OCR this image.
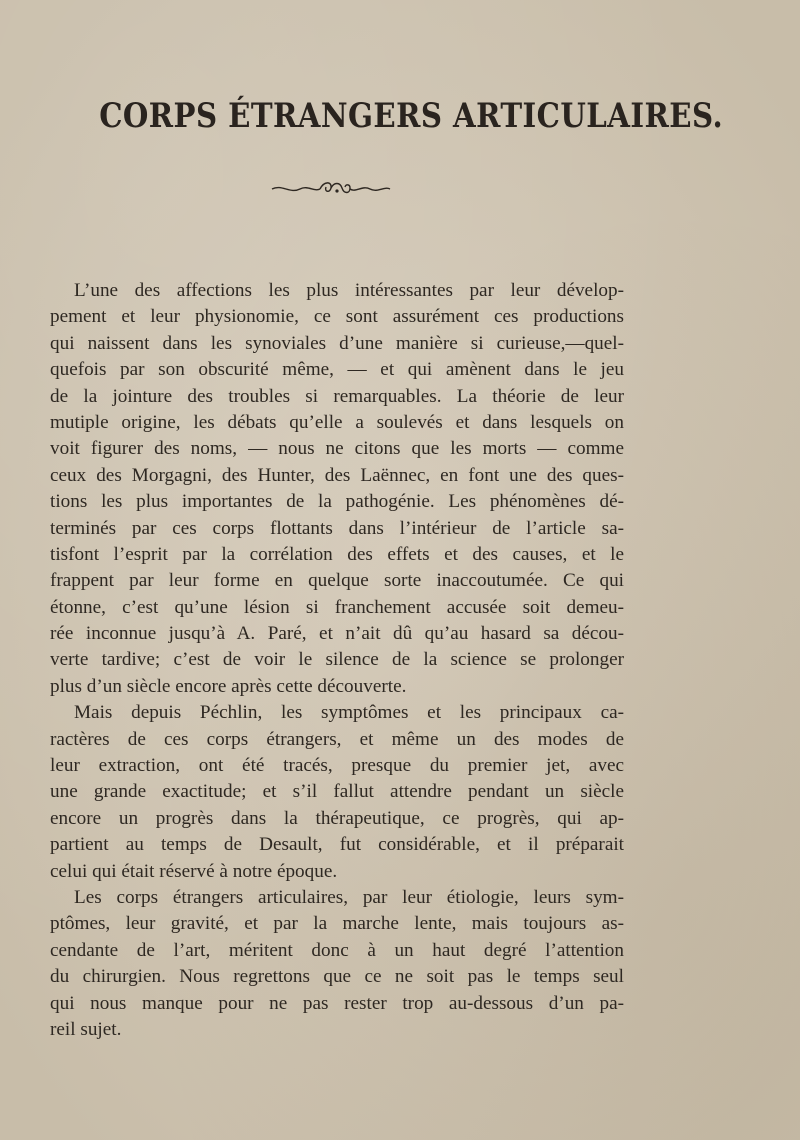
CORPS ÉTRANGERS ARTICULAIRES.
L’une des affections les plus intéressantes par leur dévelop-
pement et leur physionomie, ce sont assurément ces productions
qui naissent dans les synoviales d’une manière si curieuse,—quel-
quefois par son obscurité même, — et qui amènent dans le jeu
de la jointure des troubles si remarquables. La théorie de leur
mutiple origine, les débats qu’elle a soulevés et dans lesquels on
voit figurer des noms, — nous ne citons que les morts — comme
ceux des Morgagni, des Hunter, des Laënnec, en font une des ques-
tions les plus importantes de la pathogénie. Les phénomènes dé-
terminés par ces corps flottants dans l’intérieur de l’article sa-
tisfont l’esprit par la corrélation des effets et des causes, et le
frappent par leur forme en quelque sorte inaccoutumée. Ce qui
étonne, c’est qu’une lésion si franchement accusée soit demeu-
rée inconnue jusqu’à A. Paré, et n’ait dû qu’au hasard sa décou-
verte tardive; c’est de voir le silence de la science se prolonger
plus d’un siècle encore après cette découverte.
Mais depuis Péchlin, les symptômes et les principaux ca-
ractères de ces corps étrangers, et même un des modes de
leur extraction, ont été tracés, presque du premier jet, avec
une grande exactitude; et s’il fallut attendre pendant un siècle
encore un progrès dans la thérapeutique, ce progrès, qui ap-
partient au temps de Desault, fut considérable, et il préparait
celui qui était réservé à notre époque.
Les corps étrangers articulaires, par leur étiologie, leurs sym-
ptômes, leur gravité, et par la marche lente, mais toujours as-
cendante de l’art, méritent donc à un haut degré l’attention
du chirurgien. Nous regrettons que ce ne soit pas le temps seul
qui nous manque pour ne pas rester trop au-dessous d’un pa-
reil sujet.
